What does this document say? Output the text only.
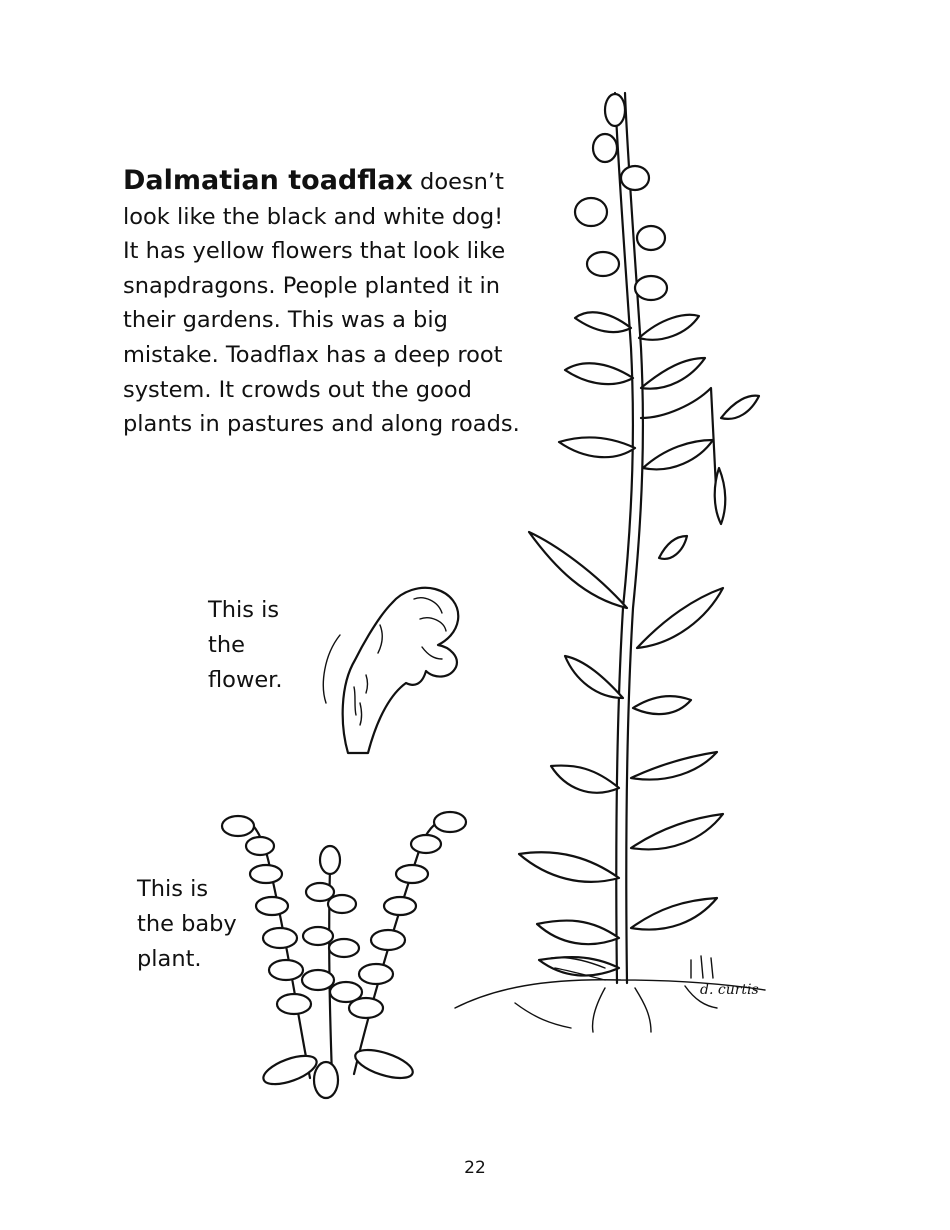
Dalmatian toadflax doesn’t look like the black and white dog! It has yellow flowers that look like snapdragons. People planted it in their gardens. This was a big mistake. Toadflax has a deep root system. It crowds out the good plants in pastures and along roads.

This is
the
flower.
This is
the baby
plant.
d. curtis
22
